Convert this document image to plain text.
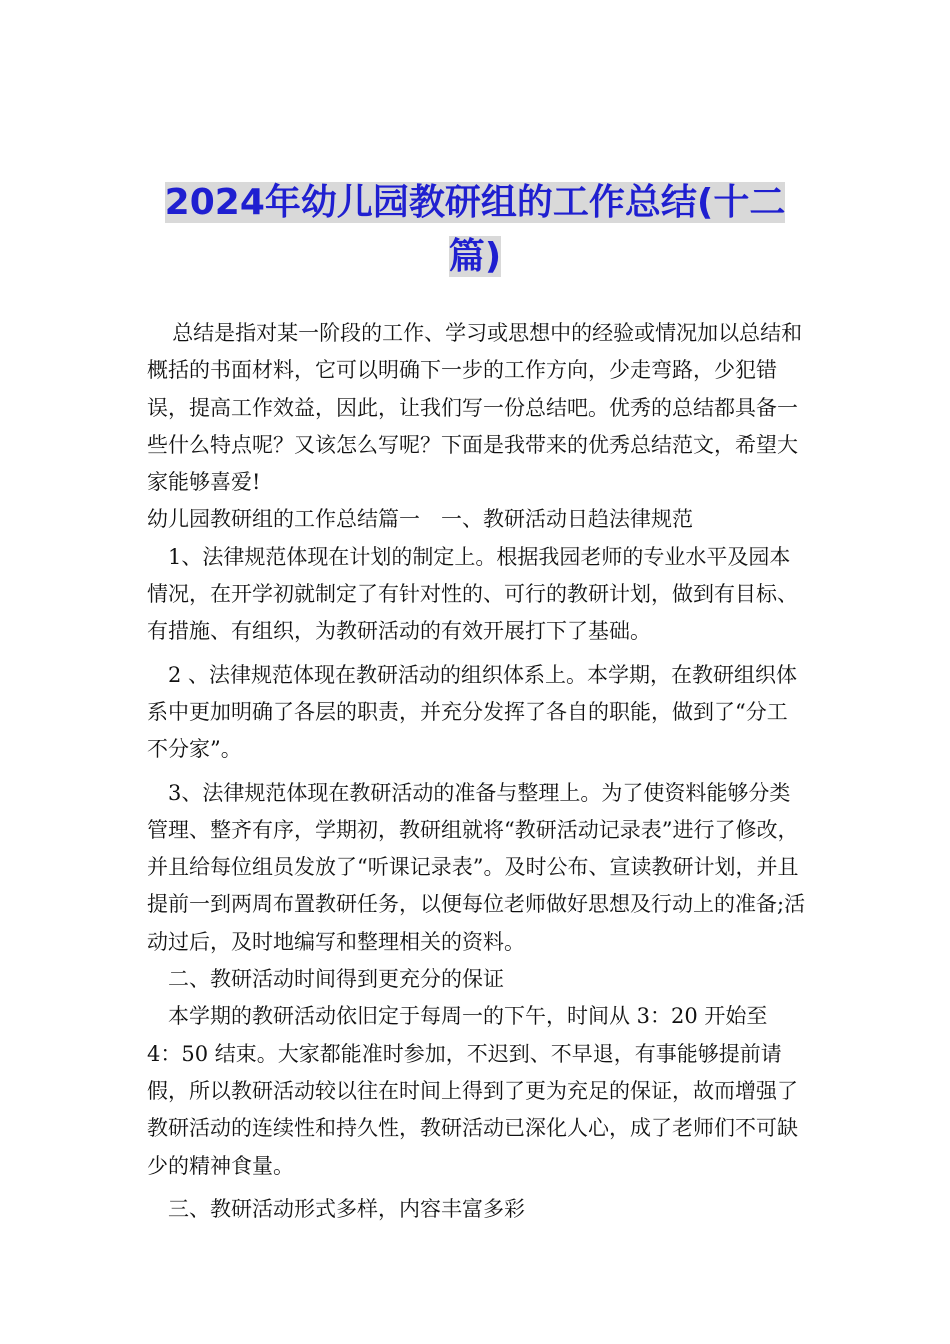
2024年幼儿园教研组的工作总结(十二
篇)

总结是指对某一阶段的工作、学习或思想中的经验或情况加以总结和概括的书面材料，它可以明确下一步的工作方向，少走弯路，少犯错误，提高工作效益，因此，让我们写一份总结吧。优秀的总结都具备一些什么特点呢？又该怎么写呢？下面是我带来的优秀总结范文，希望大家能够喜爱!

幼儿园教研组的工作总结篇一　一、教研活动日趋法律规范

1、法律规范体现在计划的制定上。根据我园老师的专业水平及园本情况，在开学初就制定了有针对性的、可行的教研计划，做到有目标、有措施、有组织，为教研活动的有效开展打下了基础。

2 、法律规范体现在教研活动的组织体系上。本学期，在教研组织体系中更加明确了各层的职责，并充分发挥了各自的职能，做到了“分工不分家”。

3、法律规范体现在教研活动的准备与整理上。为了使资料能够分类管理、整齐有序，学期初，教研组就将“教研活动记录表”进行了修改，并且给每位组员发放了“听课记录表”。及时公布、宣读教研计划，并且提前一到两周布置教研任务，以便每位老师做好思想及行动上的准备;活动过后，及时地编写和整理相关的资料。

二、教研活动时间得到更充分的保证

本学期的教研活动依旧定于每周一的下午，时间从 3：20 开始至 4：50 结束。大家都能准时参加，不迟到、不早退，有事能够提前请假，所以教研活动较以往在时间上得到了更为充足的保证，故而增强了教研活动的连续性和持久性，教研活动已深化人心，成了老师们不可缺少的精神食量。

三、教研活动形式多样，内容丰富多彩
